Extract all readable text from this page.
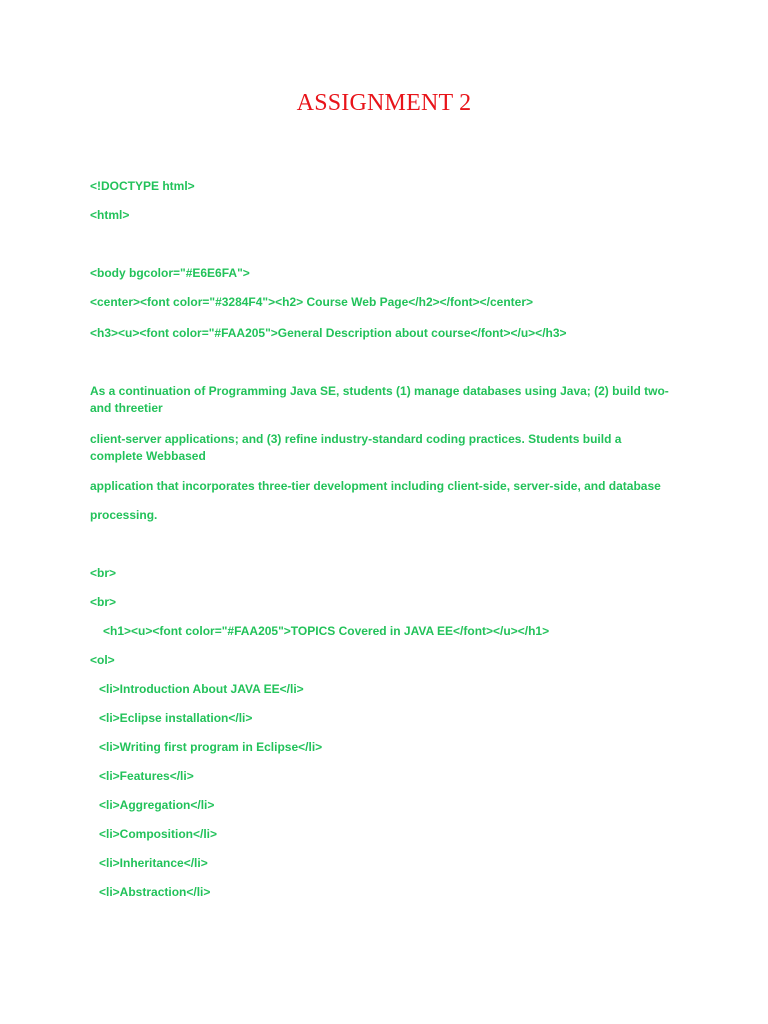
ASSIGNMENT 2
<!DOCTYPE html>
<html>
<body bgcolor="#E6E6FA">
<center><font color="#3284F4"><h2> Course Web Page</h2></font></center>
<h3><u><font color="#FAA205">General Description about course</font></u></h3>
As a continuation of Programming Java SE, students (1) manage databases using Java; (2) build two-and threetier
client-server applications; and (3) refine industry-standard coding practices. Students build a complete Webbased
application that incorporates three-tier development including client-side, server-side, and database
processing.
<br>
<br>
<h1><u><font color="#FAA205">TOPICS Covered in JAVA EE</font></u></h1>
<ol>
<li>Introduction About JAVA EE</li>
<li>Eclipse installation</li>
<li>Writing first program in Eclipse</li>
<li>Features</li>
<li>Aggregation</li>
<li>Composition</li>
<li>Inheritance</li>
<li>Abstraction</li>
